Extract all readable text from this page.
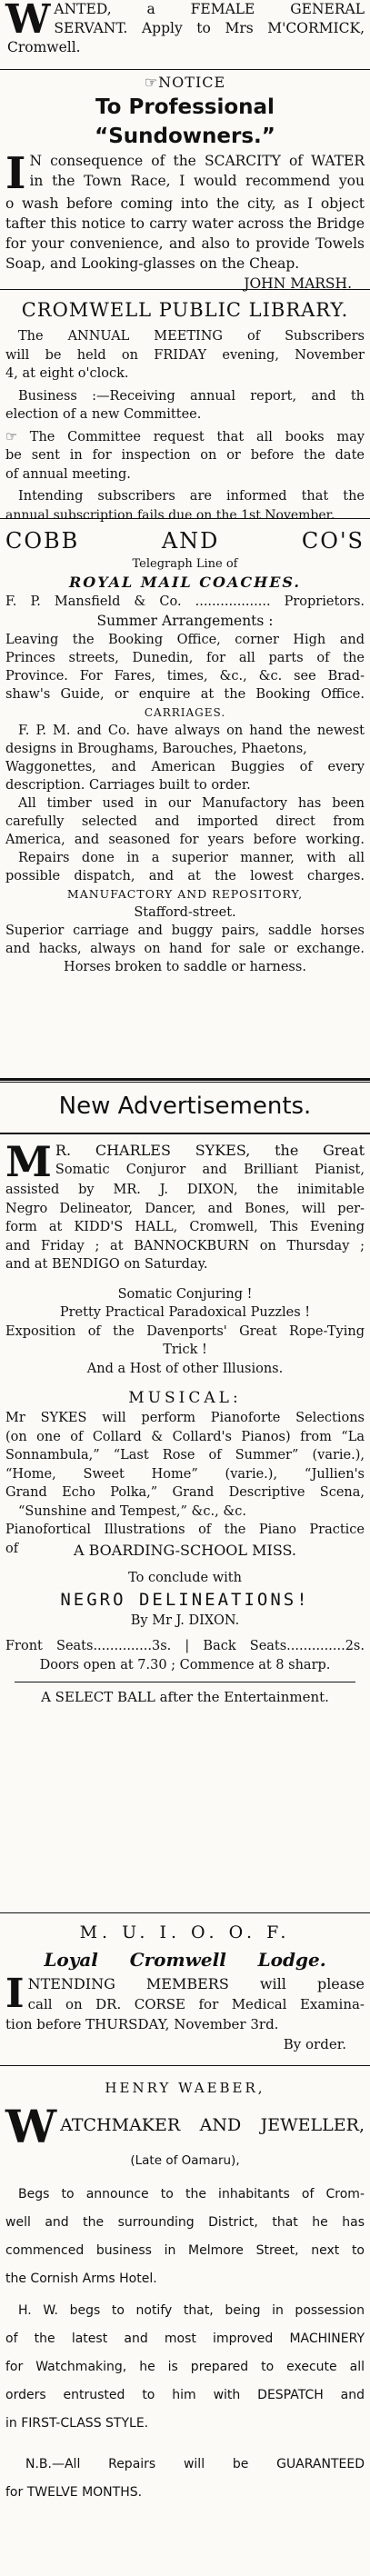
W ANTED, a FEMALE GENERAL
SERVANT. Apply to Mrs M'CORMICK,
Cromwell.
☞NOTICE
To Professional “Sundowners.”
I N consequence of the SCARCITY of WATER
in the Town Race, I would recommend you
o wash before coming into the city, as I object
tafter this notice to carry water across the Bridge
for your convenience, and also to provide Towels
Soap, and Looking-glasses on the Cheap.
JOHN MARSH.
CROMWELL PUBLIC LIBRARY.
The ANNUAL MEETING of Subscribers
will be held on FRIDAY evening, November
4, at eight o'clock.
Business :—Receiving annual report, and th
election of a new Committee.
☞ The Committee request that all books may
be sent in for inspection on or before the date
of annual meeting.
Intending subscribers are informed that the
annual subscription fails due on the 1st November.
COBB AND CO'S
Telegraph Line of
ROYAL MAIL COACHES.
F. P. Mansfield & Co. .................. Proprietors.
Summer Arrangements :
Leaving the Booking Office, corner High and
Princes streets, Dunedin, for all parts of the
Province. For Fares, times, &c., &c. see Brad-
shaw's Guide, or enquire at the Booking Office.
CARRIAGES.
F. P. M. and Co. have always on hand the newest designs in Broughams, Barouches, Phaetons,
Waggonettes, and American Buggies of every
description. Carriages built to order.
All timber used in our Manufactory has been
carefully selected and imported direct from
America, and seasoned for years before working.
Repairs done in a superior manner, with all
possible dispatch, and at the lowest charges.
MANUFACTORY AND REPOSITORY,
Stafford-street.
Superior carriage and buggy pairs, saddle horses
and hacks, always on hand for sale or exchange.
Horses broken to saddle or harness.
New Advertisements.
M R. CHARLES SYKES, the Great
Somatic Conjuror and Brilliant Pianist,
assisted by MR. J. DIXON, the inimitable
Negro Delineator, Dancer, and Bones, will per-
form at KIDD'S HALL, Cromwell, This Evening
and Friday ; at BANNOCKBURN on Thursday ;
and at BENDIGO on Saturday.
Somatic Conjuring !
Pretty Practical Paradoxical Puzzles !
Exposition of the Davenports' Great Rope-Tying
Trick !
And a Host of other Illusions.
MUSICAL:
Mr SYKES will perform Pianoforte Selections
(on one of Collard & Collard's Pianos) from “La
Sonnambula,” “Last Rose of Summer” (varie.),
“Home, Sweet Home” (varie.), “Jullien's
Grand Echo Polka,” Grand Descriptive Scena,
“Sunshine and Tempest,” &c., &c.
Pianofortical Illustrations of the Piano Practice
of	A BOARDING-SCHOOL MISS.
To conclude with
NEGRO DELINEATIONS!
By Mr J. DIXON.
Front Seats..............3s. | Back Seats..............2s.
Doors open at 7.30 ; Commence at 8 sharp.
A SELECT BALL after the Entertainment.
M. U. I. O. O. F.
Loyal     Cromwell     Lodge.
I NTENDING MEMBERS will please
call on DR. CORSE for Medical Examina-
tion before THURSDAY, November 3rd.
By order.
HENRY WAEBER,
W ATCHMAKER AND JEWELLER,
(Late of Oamaru),
Begs to announce to the inhabitants of Crom-
well and the surrounding District, that he has
commenced business in Melmore Street, next to
the Cornish Arms Hotel.
H. W. begs to notify that, being in possession
of the latest and most improved MACHINERY
for Watchmaking, he is prepared to execute all
orders entrusted to him with DESPATCH and
in FIRST-CLASS STYLE.
N.B.—All Repairs will be GUARANTEED
for TWELVE MONTHS.
